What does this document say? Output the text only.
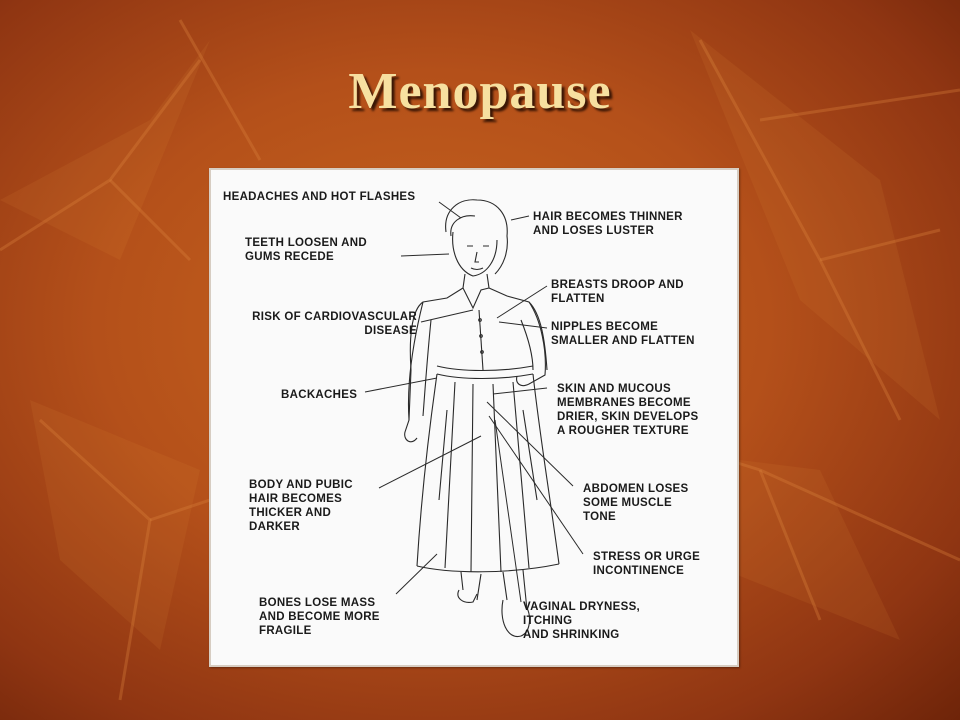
Menopause

HEADACHES AND HOT FLASHES

TEETH LOOSEN AND
GUMS RECEDE

RISK OF CARDIOVASCULAR
DISEASE

BACKACHES

BODY AND PUBIC
HAIR BECOMES
THICKER AND
DARKER

BONES LOSE MASS
AND BECOME MORE
FRAGILE

HAIR BECOMES THINNER
AND LOSES LUSTER

BREASTS DROOP AND
FLATTEN

NIPPLES BECOME
SMALLER AND FLATTEN

SKIN AND MUCOUS
MEMBRANES BECOME
DRIER, SKIN DEVELOPS
A ROUGHER TEXTURE

ABDOMEN LOSES
SOME MUSCLE
TONE

STRESS OR URGE
INCONTINENCE

VAGINAL DRYNESS,
ITCHING
AND SHRINKING
